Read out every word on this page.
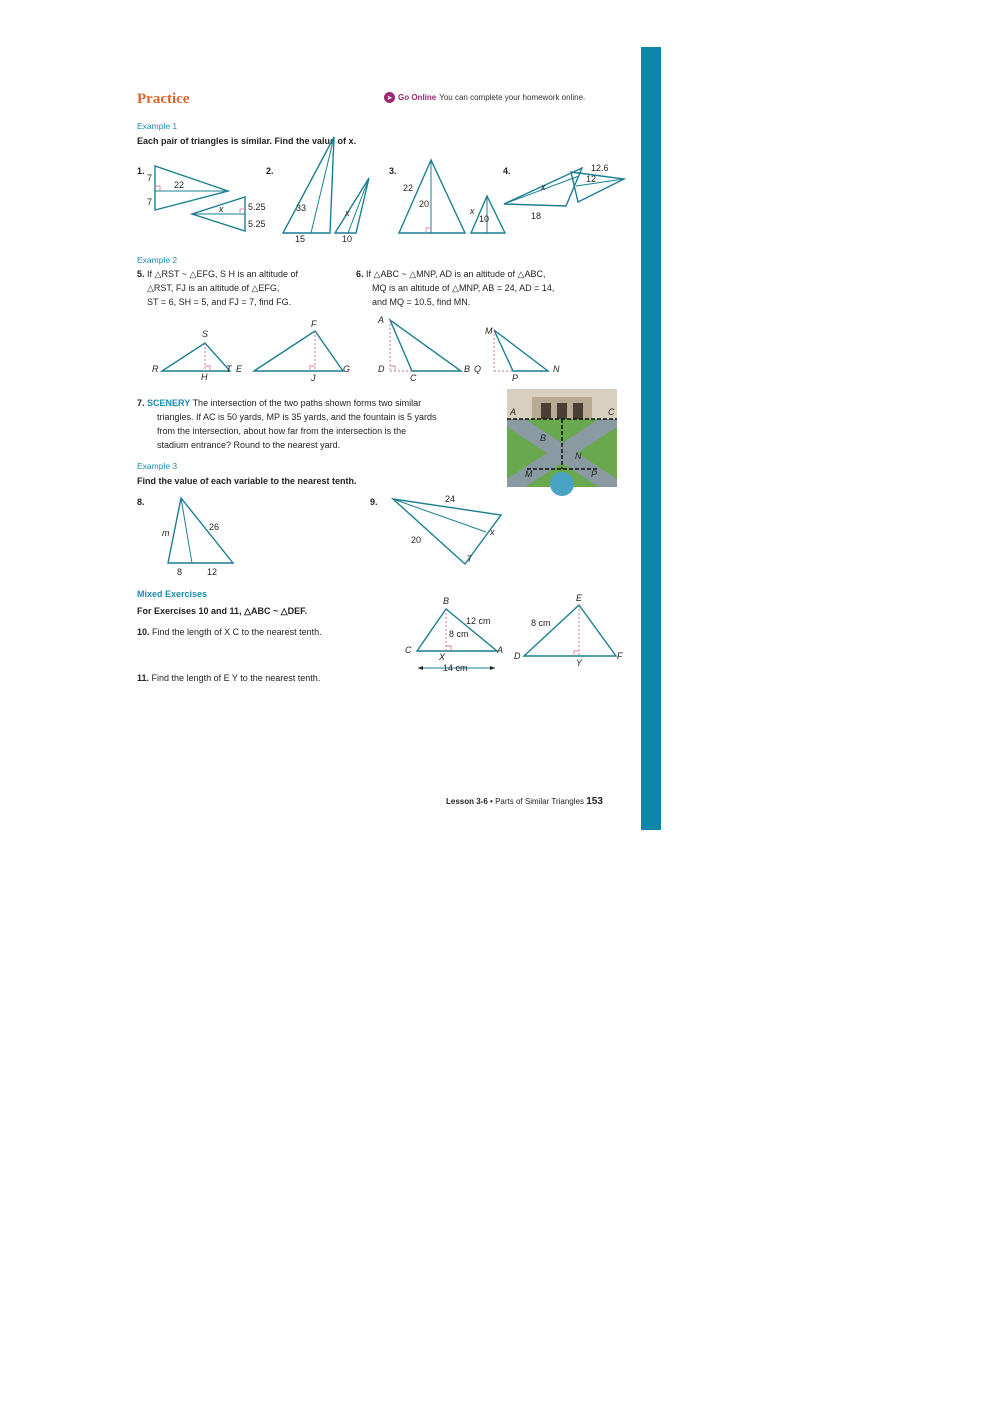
Practice	➤ Go Online You can complete your homework online.
Example 1
Each pair of triangles is similar. Find the value of x.
1.	2.	3.	4.
7
22
7
x	5.25
5.25
33	x
15	10
22
20
x
10
12.6
12
x
18
Example 2
5. If △RST ~ △EFG, S H is an altitude of
△RST, FJ is an altitude of △EFG,
ST = 6, SH = 5, and FJ = 7, find FG.
6. If △ABC ~ △MNP, AD is an altitude of △ABC,
MQ is an altitude of △MNP, AB = 24, AD = 14,
and MQ = 10.5, find MN.
S
R
H
T E
F
J
G
A
D
C
B Q
M
P
N
7. SCENERY The intersection of the two paths shown forms two similar
triangles. If AC is 50 yards, MP is 35 yards, and the fountain is 5 yards
from the intersection, about how far from the intersection is the
stadium entrance? Round to the nearest yard.
A	C
B
N
M	P
Example 3
Find the value of each variable to the nearest tenth.
8.	9.
m
26
8	12
24
x
20
7
Mixed Exercises
For Exercises 10 and 11, △ABC ~ △DEF.
10. Find the length of X C to the nearest tenth.
11. Find the length of E Y to the nearest tenth.
B
C	A
X
12 cm
8 cm
14 cm
E
D	F
Y
8 cm
Lesson 3-6 • Parts of Similar Triangles 153
